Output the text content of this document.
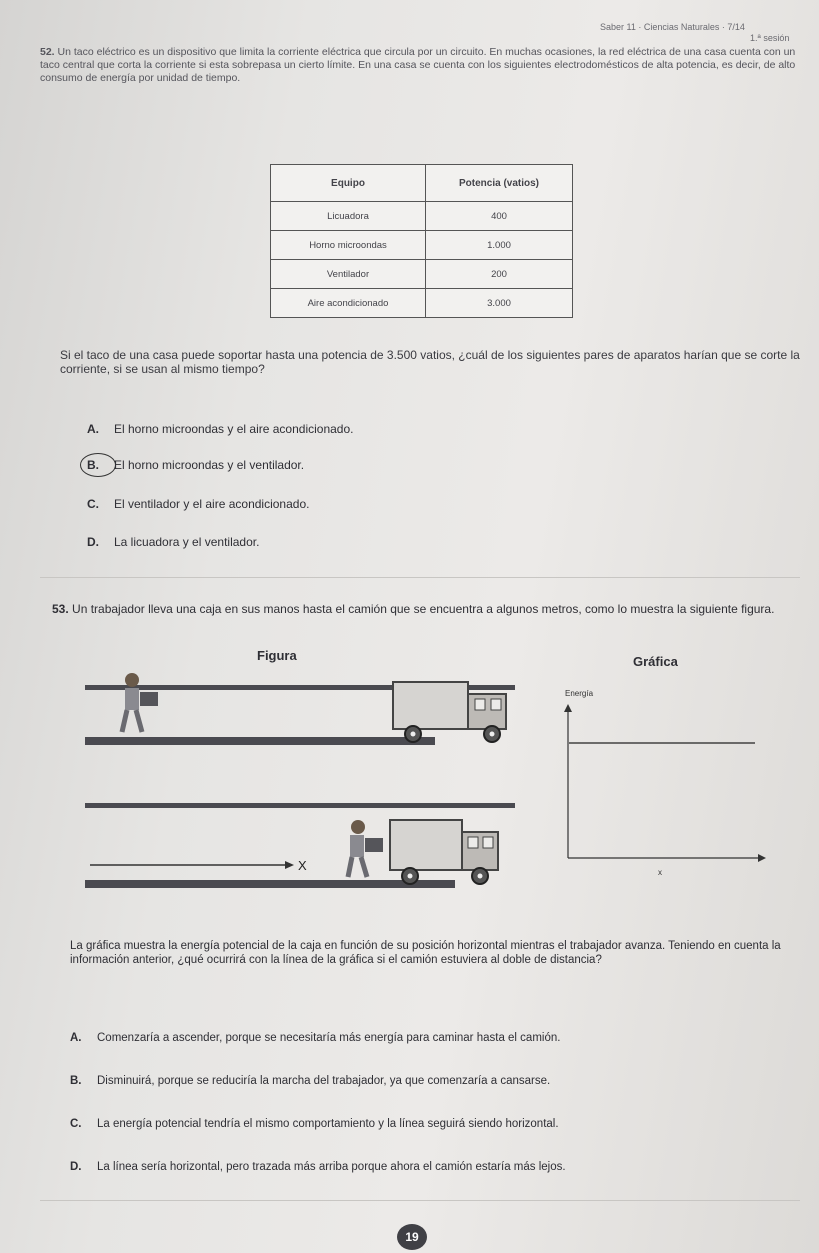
Saber 11 · Ciencias Naturales · 7/14
1.ª sesión
52. Un taco eléctrico es un dispositivo que limita la corriente eléctrica que circula por un circuito. En muchas ocasiones, la red eléctrica de una casa cuenta con un taco central que corta la corriente si esta sobrepasa un cierto límite. En una casa se cuenta con los siguientes electrodomésticos de alta potencia, es decir, de alto consumo de energía por unidad de tiempo.
Equipo	Potencia (vatios)
Licuadora	400
Horno microondas	1.000
Ventilador	200
Aire acondicionado	3.000
Si el taco de una casa puede soportar hasta una potencia de 3.500 vatios, ¿cuál de los siguientes pares de aparatos harían que se corte la corriente, si se usan al mismo tiempo?
A. El horno microondas y el aire acondicionado.
B. El horno microondas y el ventilador.
C. El ventilador y el aire acondicionado.
D. La licuadora y el ventilador.
53. Un trabajador lleva una caja en sus manos hasta el camión que se encuentra a algunos metros, como lo muestra la siguiente figura.
Figura	Gráfica
X
Energía
x
La gráfica muestra la energía potencial de la caja en función de su posición horizontal mientras el trabajador avanza. Teniendo en cuenta la información anterior, ¿qué ocurrirá con la línea de la gráfica si el camión estuviera al doble de distancia?
A. Comenzaría a ascender, porque se necesitaría más energía para caminar hasta el camión.
B. Disminuirá, porque se reduciría la marcha del trabajador, ya que comenzaría a cansarse.
C. La energía potencial tendría el mismo comportamiento y la línea seguirá siendo horizontal.
D. La línea sería horizontal, pero trazada más arriba porque ahora el camión estaría más lejos.
19
